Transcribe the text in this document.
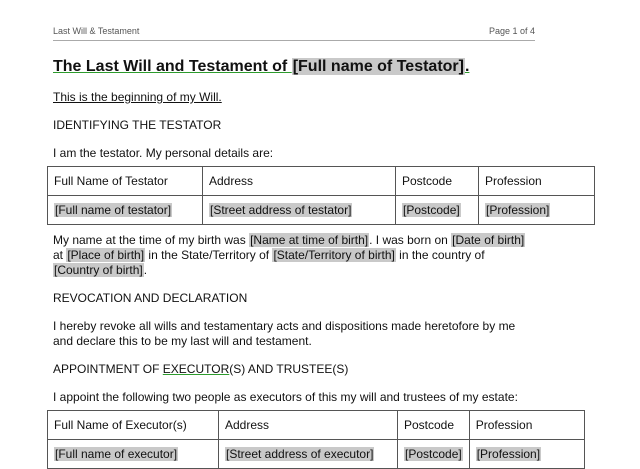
Last Will & Testament	Page 1 of 4
The Last Will and Testament of [Full name of Testator].
This is the beginning of my Will.
IDENTIFYING THE TESTATOR
I am the testator. My personal details are:
Full Name of Testator	Address	Postcode	Profession
[Full name of testator]	[Street address of testator]	[Postcode]	[Profession]
My name at the time of my birth was [Name at time of birth]. I was born on [Date of birth]
at [Place of birth] in the State/Territory of [State/Territory of birth] in the country of
[Country of birth].
REVOCATION AND DECLARATION
I hereby revoke all wills and testamentary acts and dispositions made heretofore by me
and declare this to be my last will and testament.
APPOINTMENT OF EXECUTOR(S) AND TRUSTEE(S)
I appoint the following two people as executors of this my will and trustees of my estate:
Full Name of Executor(s)	Address	Postcode	Profession
[Full name of executor]	[Street address of executor]	[Postcode]	[Profession]
